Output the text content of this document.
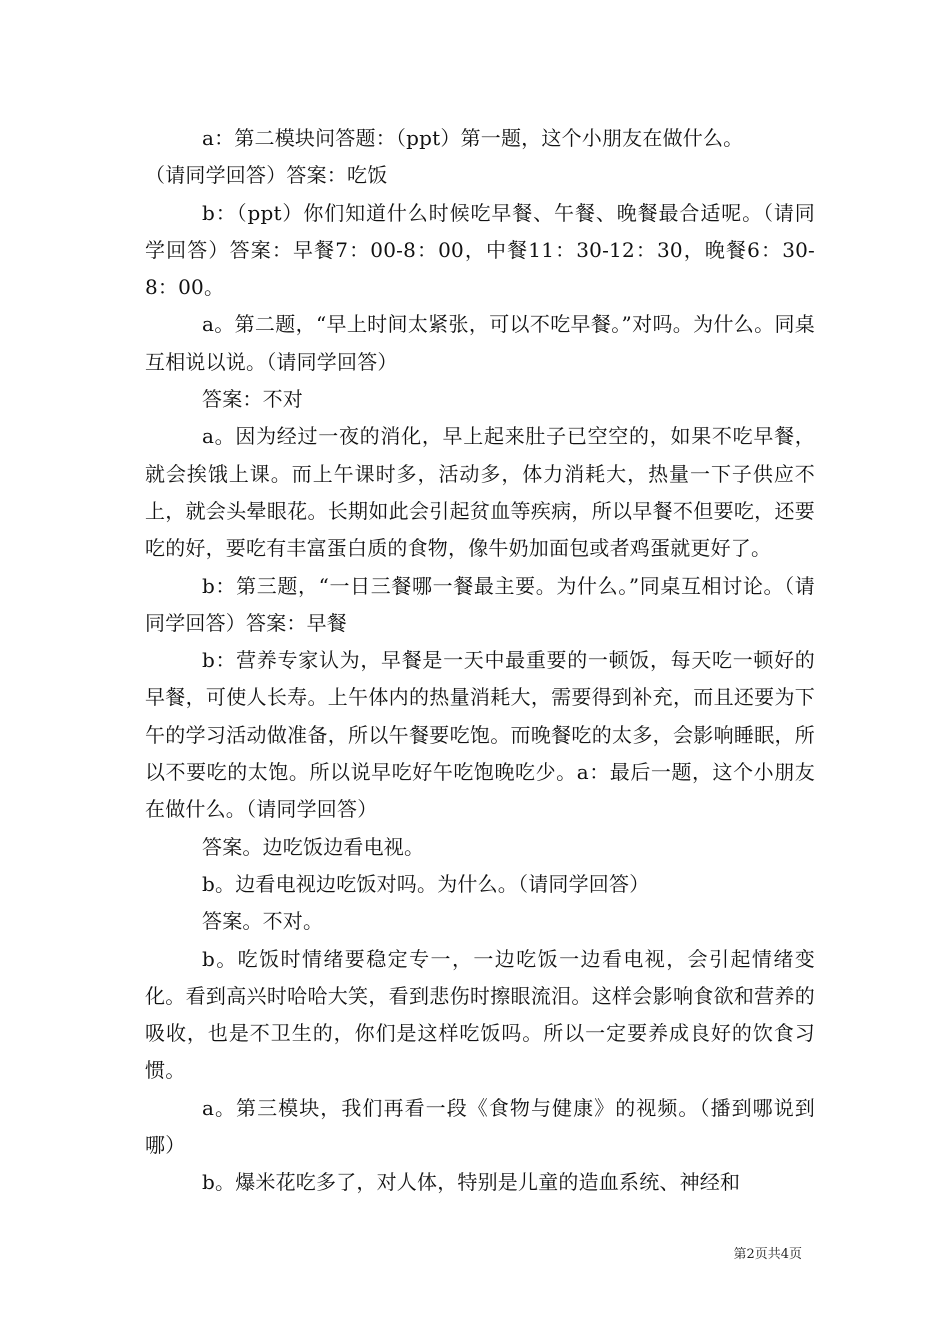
a：第二模块问答题：（ppt）第一题，这个小朋友在做什么。

（请同学回答）答案：吃饭

b：（ppt）你们知道什么时候吃早餐、午餐、晚餐最合适呢。（请同学回答）答案：早餐7：00-8：00，中餐11：30-12：30，晚餐6：30-8：00。

a。第二题，“早上时间太紧张，可以不吃早餐。”对吗。为什么。同桌互相说以说。（请同学回答）

答案：不对

a。因为经过一夜的消化，早上起来肚子已空空的，如果不吃早餐，就会挨饿上课。而上午课时多，活动多，体力消耗大，热量一下子供应不上，就会头晕眼花。长期如此会引起贫血等疾病，所以早餐不但要吃，还要吃的好，要吃有丰富蛋白质的食物，像牛奶加面包或者鸡蛋就更好了。

b：第三题，“一日三餐哪一餐最主要。为什么。”同桌互相讨论。（请同学回答）答案：早餐

b：营养专家认为，早餐是一天中最重要的一顿饭，每天吃一顿好的早餐，可使人长寿。上午体内的热量消耗大，需要得到补充，而且还要为下午的学习活动做准备，所以午餐要吃饱。而晚餐吃的太多，会影响睡眠，所以不要吃的太饱。所以说早吃好午吃饱晚吃少。a：最后一题，这个小朋友在做什么。（请同学回答）

答案。边吃饭边看电视。

b。边看电视边吃饭对吗。为什么。（请同学回答）

答案。不对。

b。吃饭时情绪要稳定专一，一边吃饭一边看电视，会引起情绪变化。看到高兴时哈哈大笑，看到悲伤时擦眼流泪。这样会影响食欲和营养的吸收，也是不卫生的，你们是这样吃饭吗。所以一定要养成良好的饮食习惯。

a。第三模块，我们再看一段《食物与健康》的视频。（播到哪说到哪）

b。爆米花吃多了，对人体，特别是儿童的造血系统、神经和

第2页共4页
